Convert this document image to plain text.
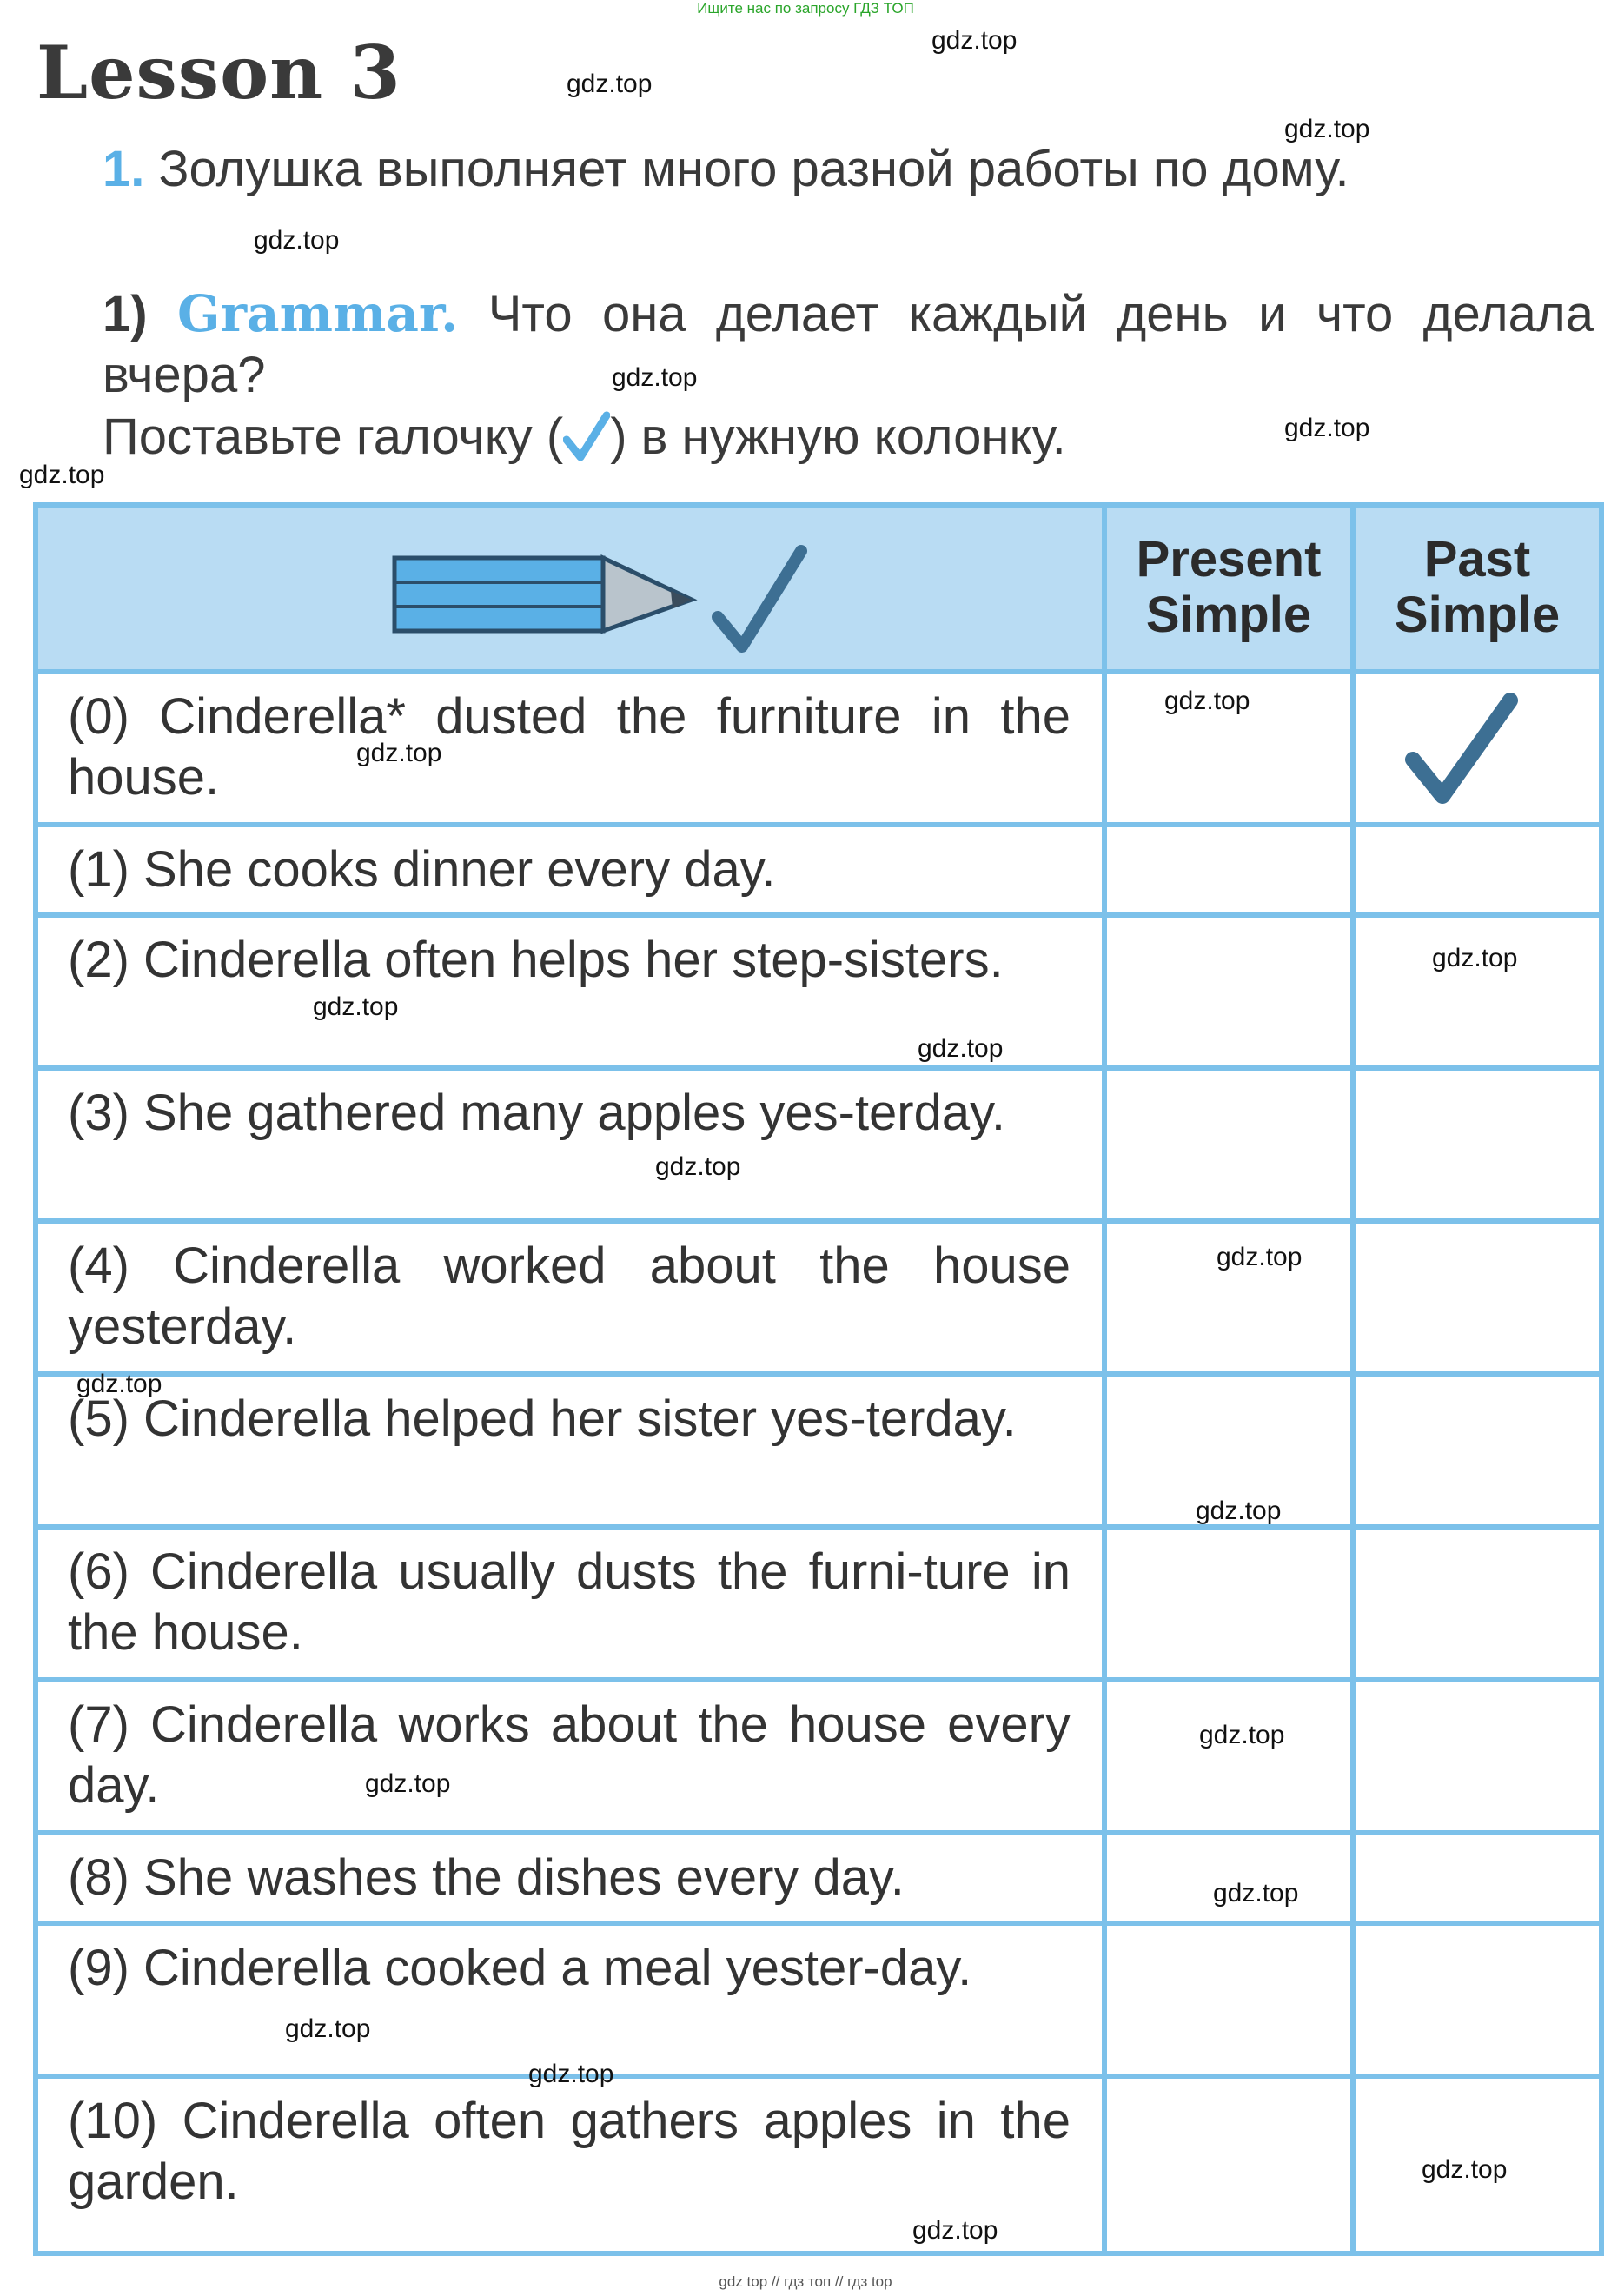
Ищите нас по запросу ГДЗ ТОП
Lesson 3
1. Золушка выполняет много разной работы по дому.
1) Grammar. Что она делает каждый день и что делала вчера?
Поставьте галочку ( ) в нужную колонку.
Present
Simple
Past
Simple
(0) Cinderella* dusted the furniture in the house.
(1) She cooks dinner every day.
(2) Cinderella often helps her step-sisters.
(3) She gathered many apples yes-terday.
(4) Cinderella worked about the house yesterday.
(5) Cinderella helped her sister yes-terday.
(6) Cinderella usually dusts the furni-ture in the house.
(7) Cinderella works about the house every day.
(8) She washes the dishes every day.
(9) Cinderella cooked a meal yester-day.
(10) Cinderella often gathers apples in the garden.
gdz.top
gdz.top
gdz.top
gdz.top
gdz.top
gdz.top
gdz.top
gdz.top
gdz.top
gdz.top
gdz.top
gdz.top
gdz.top
gdz.top
gdz.top
gdz.top
gdz.top
gdz.top
gdz.top
gdz.top
gdz.top
gdz.top
gdz.top
gdz top // гдз топ // гдз top
